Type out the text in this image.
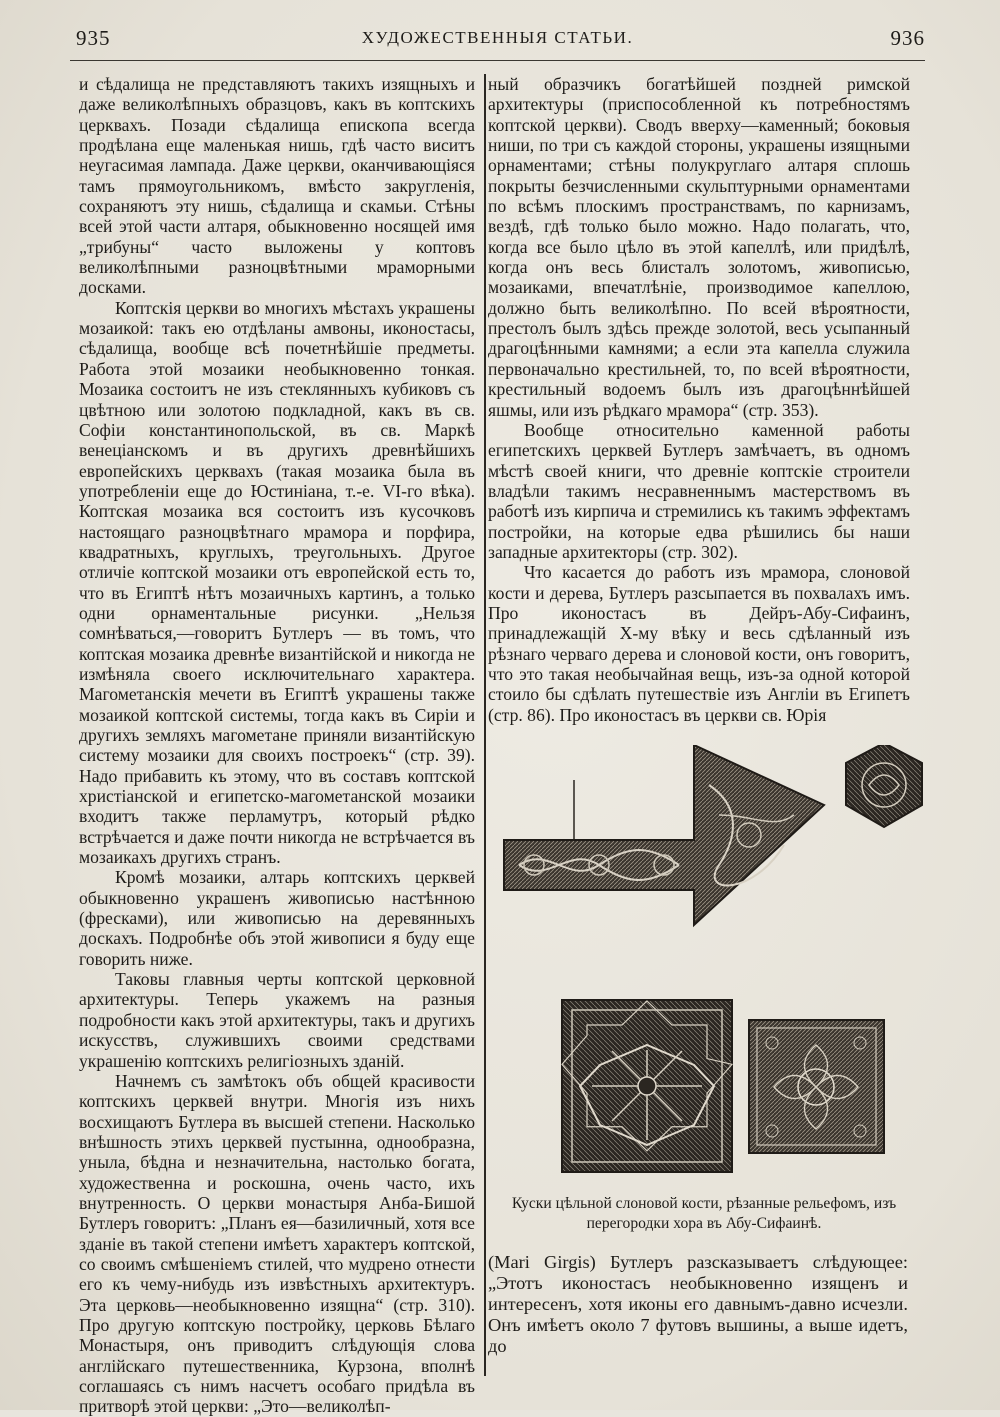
935	ХУДОЖЕСТВЕННЫЯ СТАТЬИ.	936

и сѣдалища не представляютъ такихъ изящныхъ и даже великолѣпныхъ образцовъ, какъ въ коптскихъ церквахъ. Позади сѣдалища епископа всегда продѣлана еще маленькая нишь, гдѣ часто виситъ неугасимая лампада. Даже церкви, оканчивающіяся тамъ прямоугольникомъ, вмѣсто закругленія, сохраняютъ эту нишь, сѣдалища и скамьи. Стѣны всей этой части алтаря, обыкновенно носящей имя „трибуны“ часто выложены у коптовъ великолѣпными разноцвѣтными мраморными досками.

Коптскія церкви во многихъ мѣстахъ украшены мозаикой: такъ ею отдѣланы амвоны, иконостасы, сѣдалища, вообще всѣ почетнѣйшіе предметы. Работа этой мозаики необыкновенно тонкая. Мозаика состоитъ не изъ стеклянныхъ кубиковъ съ цвѣтною или золотою подкладной, какъ въ св. Софіи константинопольской, въ св. Маркѣ венеціанскомъ и въ другихъ древнѣйшихъ европейскихъ церквахъ (такая мозаика была въ употребленіи еще до Юстиніана, т.-е. VI-го вѣка). Коптская мозаика вся состоитъ изъ кусочковъ настоящаго разноцвѣтнаго мрамора и порфира, квадратныхъ, круглыхъ, треугольныхъ. Другое отличіе коптской мозаики отъ европейской есть то, что въ Египтѣ нѣтъ мозаичныхъ картинъ, а только одни орнаментальные рисунки. „Нельзя сомнѣваться,—говоритъ Бутлеръ — въ томъ, что коптская мозаика древнѣе византійской и никогда не измѣняла своего исключительнаго характера. Магометанскія мечети въ Египтѣ украшены также мозаикой коптской системы, тогда какъ въ Сиріи и другихъ земляхъ магометане приняли византійскую систему мозаики для своихъ построекъ“ (стр. 39). Надо прибавить къ этому, что въ составъ коптской христіанской и египетско-магометанской мозаики входитъ также перламутръ, который рѣдко встрѣчается и даже почти никогда не встрѣчается въ мозаикахъ другихъ странъ.

Кромѣ мозаики, алтарь коптскихъ церквей обыкновенно украшенъ живописью настѣнною (фресками), или живописью на деревянныхъ доскахъ. Подробнѣе объ этой живописи я буду еще говорить ниже.

Таковы главныя черты коптской церковной архитектуры. Теперь укажемъ на разныя подробности какъ этой архитектуры, такъ и другихъ искусствъ, служившихъ своими средствами украшенію коптскихъ религіозныхъ зданій.

Начнемъ съ замѣтокъ объ общей красивости коптскихъ церквей внутри. Многія изъ нихъ восхищаютъ Бутлера въ высшей степени. Насколько внѣшность этихъ церквей пустынна, однообразна, уныла, бѣдна и незначительна, настолько богата, художественна и роскошна, очень часто, ихъ внутренность. О церкви монастыря Анба-Бишой Бутлеръ говоритъ: „Планъ ея—базиличный, хотя все зданіе въ такой степени имѣетъ характеръ коптской, со своимъ смѣшеніемъ стилей, что мудрено отнести его къ чему-нибудь изъ извѣстныхъ архитектуръ. Эта церковь—необыкновенно изящна“ (стр. 310). Про другую коптскую постройку, церковь Бѣлаго Монастыря, онъ приводитъ слѣдующія слова англійскаго путешественника, Курзона, вполнѣ соглашаясь съ нимъ насчетъ особаго придѣла въ притворѣ этой церкви: „Это—великолѣп-

ный образчикъ богатѣйшей поздней римской архитектуры (приспособленной къ потребностямъ коптской церкви). Сводъ вверху—каменный; боковыя ниши, по три съ каждой стороны, украшены изящными орнаментами; стѣны полукруглаго алтаря сплошь покрыты безчисленными скульптурными орнаментами по всѣмъ плоскимъ пространствамъ, по карнизамъ, вездѣ, гдѣ только было можно. Надо полагать, что, когда все было цѣло въ этой капеллѣ, или придѣлѣ, когда онъ весь блисталъ золотомъ, живописью, мозаиками, впечатлѣніе, производимое капеллою, должно быть великолѣпно. По всей вѣроятности, престолъ былъ здѣсь прежде золотой, весь усыпанный драгоцѣнными камнями; а если эта капелла служила первоначально крестильней, то, по всей вѣроятности, крестильный водоемъ былъ изъ драгоцѣннѣйшей яшмы, или изъ рѣдкаго мрамора“ (стр. 353).

Вообще относительно каменной работы египетскихъ церквей Бутлеръ замѣчаетъ, въ одномъ мѣстѣ своей книги, что древніе коптскіе строители владѣли такимъ несравненнымъ мастерствомъ въ работѣ изъ кирпича и стремились къ такимъ эффектамъ постройки, на которые едва рѣшились бы наши западные архитекторы (стр. 302).

Что касается до работъ изъ мрамора, слоновой кости и дерева, Бутлеръ разсыпается въ похвалахъ имъ. Про иконостасъ въ Дейръ-Абу-Сифаинъ, принадлежащій X-му вѣку и весь сдѣланный изъ рѣзнаго черваго дерева и слоновой кости, онъ говоритъ, что это такая необычайная вещь, изъ-за одной которой стоило бы сдѣлать путешествіе изъ Англіи въ Египетъ (стр. 86). Про иконостасъ въ церкви св. Юрія

Куски цѣльной слоновой кости, рѣзанные рельефомъ, изъ перегородки хора въ Абу-Сифаинѣ.

(Mari Girgis) Бутлеръ разсказываетъ слѣдующее: „Этотъ иконостасъ необыкновенно изященъ и интересенъ, хотя иконы его давнымъ-давно исчезли. Онъ имѣетъ около 7 футовъ вышины, а выше идетъ, до
